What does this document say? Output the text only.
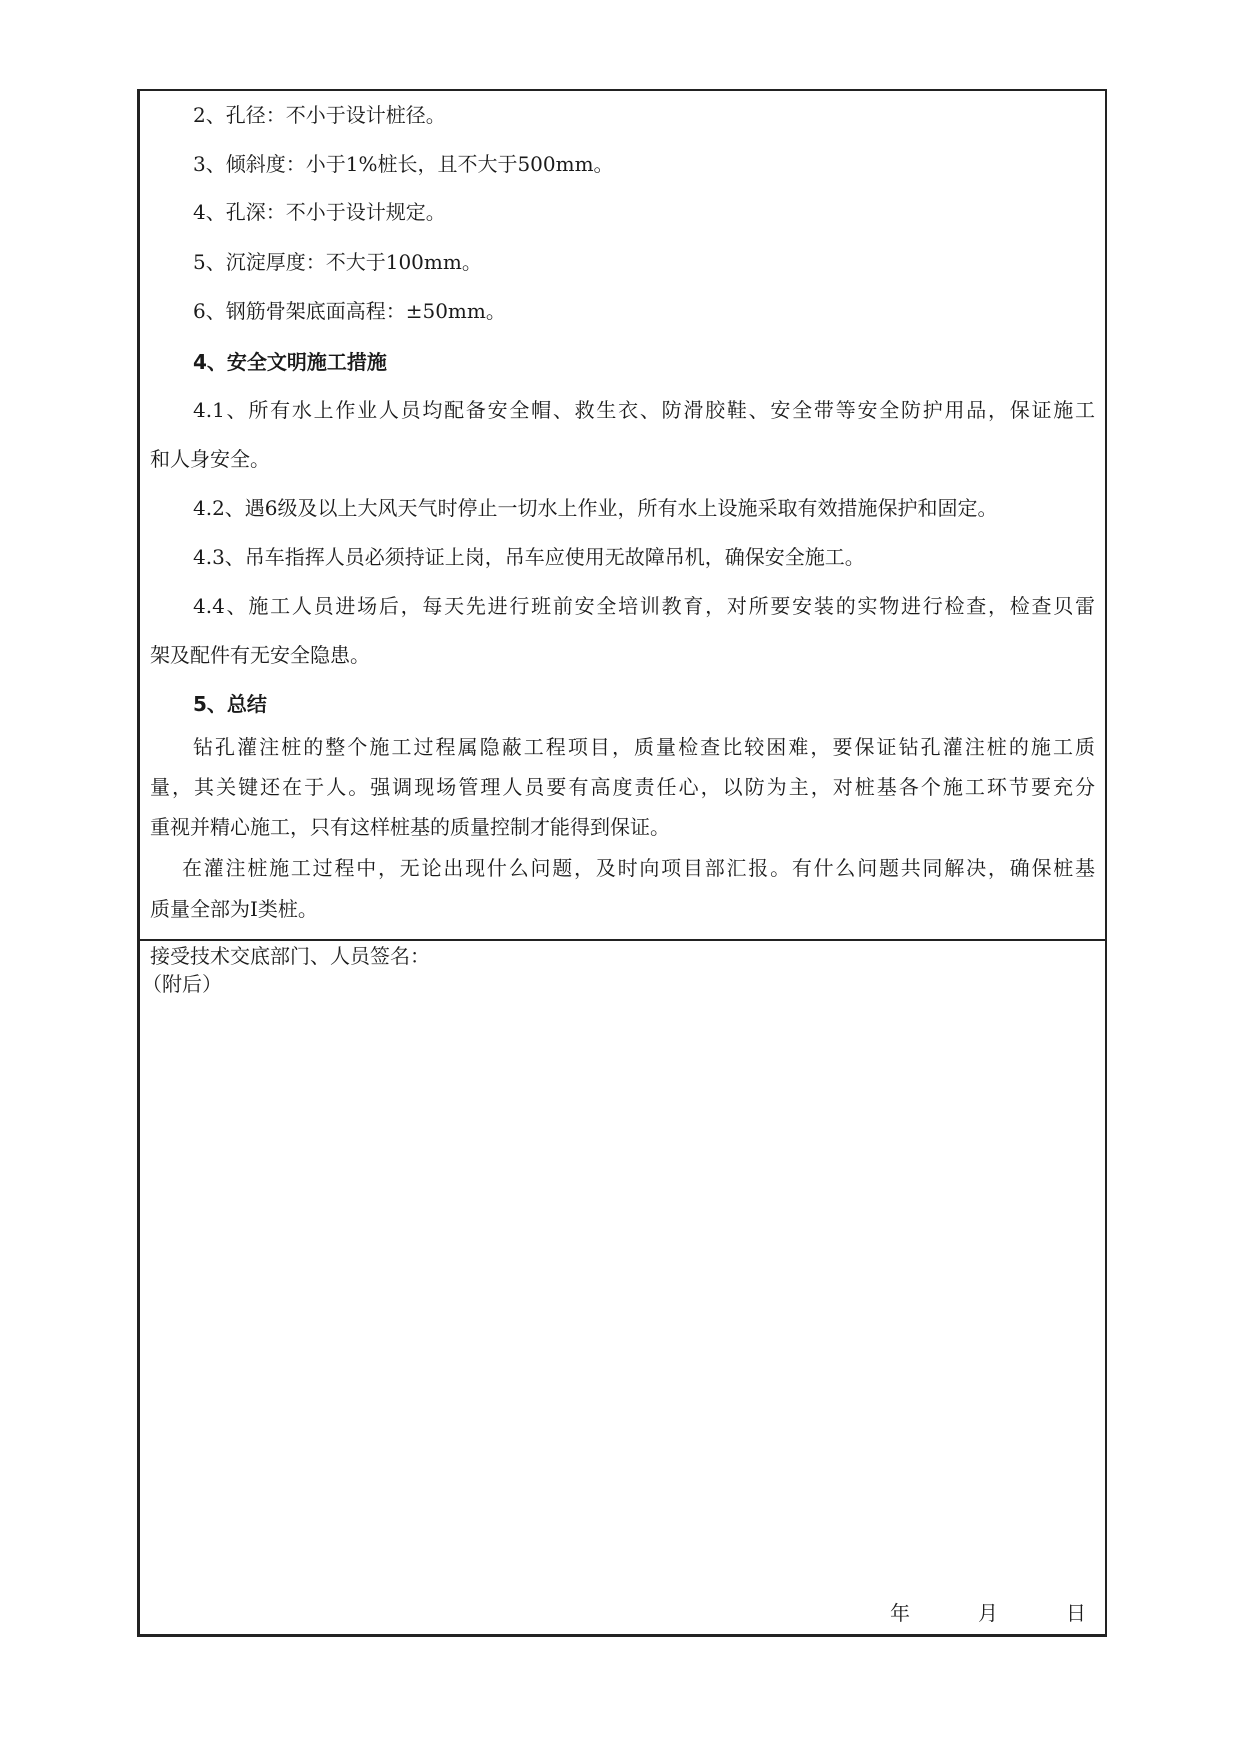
2、孔径：不小于设计桩径。
3、倾斜度：小于1%桩长，且不大于500mm。
4、孔深：不小于设计规定。
5、沉淀厚度：不大于100mm。
6、钢筋骨架底面高程：±50mm。
4、安全文明施工措施
4.1、所有水上作业人员均配备安全帽、救生衣、防滑胶鞋、安全带等安全防护用品，保证施工
和人身安全。
4.2、遇6级及以上大风天气时停止一切水上作业，所有水上设施采取有效措施保护和固定。
4.3、吊车指挥人员必须持证上岗，吊车应使用无故障吊机，确保安全施工。
4.4、施工人员进场后，每天先进行班前安全培训教育，对所要安装的实物进行检查，检查贝雷
架及配件有无安全隐患。
5、总结
钻孔灌注桩的整个施工过程属隐蔽工程项目，质量检查比较困难，要保证钻孔灌注桩的施工质
量，其关键还在于人。强调现场管理人员要有高度责任心，以防为主，对桩基各个施工环节要充分
重视并精心施工，只有这样桩基的质量控制才能得到保证。
在灌注桩施工过程中，无论出现什么问题，及时向项目部汇报。有什么问题共同解决，确保桩基
质量全部为Ⅰ类桩。
接受技术交底部门、人员签名：
（附后）
年	月	日
